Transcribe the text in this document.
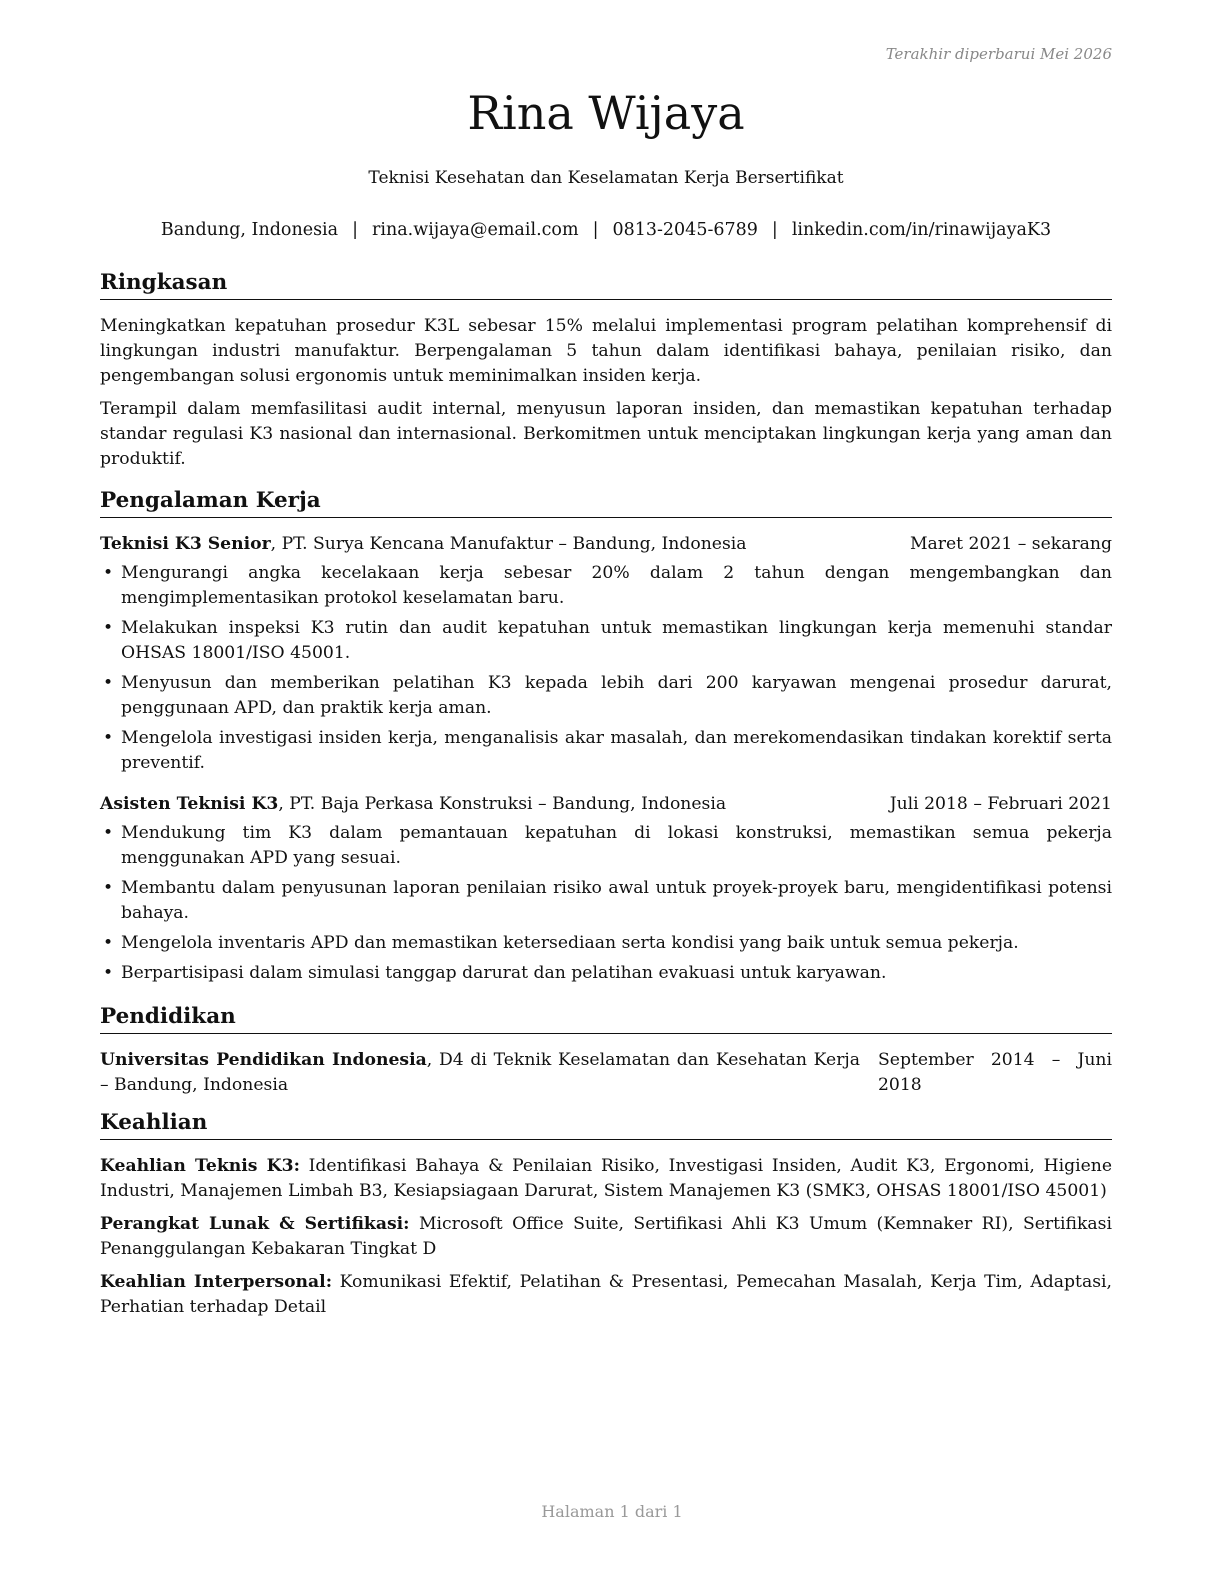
Terakhir diperbarui Mei 2026
Rina Wijaya
Teknisi Kesehatan dan Keselamatan Kerja Bersertifikat
Bandung, Indonesia | rina.wijaya@email.com | 0813-2045-6789 | linkedin.com/in/rinawijayaK3
Ringkasan

Meningkatkan kepatuhan prosedur K3L sebesar 15% melalui implementasi program pelatihan komprehensif di lingkungan industri manufaktur. Berpengalaman 5 tahun dalam identifikasi bahaya, penilaian risiko, dan pengembangan solusi ergonomis untuk meminimalkan insiden kerja.

Terampil dalam memfasilitasi audit internal, menyusun laporan insiden, dan memastikan kepatuhan terhadap standar regulasi K3 nasional dan internasional. Berkomitmen untuk menciptakan lingkungan kerja yang aman dan produktif.

Pengalaman Kerja
Teknisi K3 Senior, PT. Surya Kencana Manufaktur – Bandung, Indonesia	Maret 2021 – sekarang
• Mengurangi angka kecelakaan kerja sebesar 20% dalam 2 tahun dengan mengembangkan dan mengimplementasikan protokol keselamatan baru.
• Melakukan inspeksi K3 rutin dan audit kepatuhan untuk memastikan lingkungan kerja memenuhi standar OHSAS 18001/ISO 45001.
• Menyusun dan memberikan pelatihan K3 kepada lebih dari 200 karyawan mengenai prosedur darurat, penggunaan APD, dan praktik kerja aman.
• Mengelola investigasi insiden kerja, menganalisis akar masalah, dan merekomendasikan tindakan korektif serta preventif.
Asisten Teknisi K3, PT. Baja Perkasa Konstruksi – Bandung, Indonesia	Juli 2018 – Februari 2021
• Mendukung tim K3 dalam pemantauan kepatuhan di lokasi konstruksi, memastikan semua pekerja menggunakan APD yang sesuai.
• Membantu dalam penyusunan laporan penilaian risiko awal untuk proyek-proyek baru, mengidentifikasi potensi bahaya.
• Mengelola inventaris APD dan memastikan ketersediaan serta kondisi yang baik untuk semua pekerja.
• Berpartisipasi dalam simulasi tanggap darurat dan pelatihan evakuasi untuk karyawan.
Pendidikan
Universitas Pendidikan Indonesia, D4 di Teknik Keselamatan dan Kesehatan Kerja – Bandung, Indonesia
September 2014 – Juni 2018
Keahlian

Keahlian Teknis K3: Identifikasi Bahaya & Penilaian Risiko, Investigasi Insiden, Audit K3, Ergonomi, Higiene Industri, Manajemen Limbah B3, Kesiapsiagaan Darurat, Sistem Manajemen K3 (SMK3, OHSAS 18001/ISO 45001)

Perangkat Lunak & Sertifikasi: Microsoft Office Suite, Sertifikasi Ahli K3 Umum (Kemnaker RI), Sertifikasi Penanggulangan Kebakaran Tingkat D

Keahlian Interpersonal: Komunikasi Efektif, Pelatihan & Presentasi, Pemecahan Masalah, Kerja Tim, Adaptasi, Perhatian terhadap Detail

Halaman 1 dari 1
